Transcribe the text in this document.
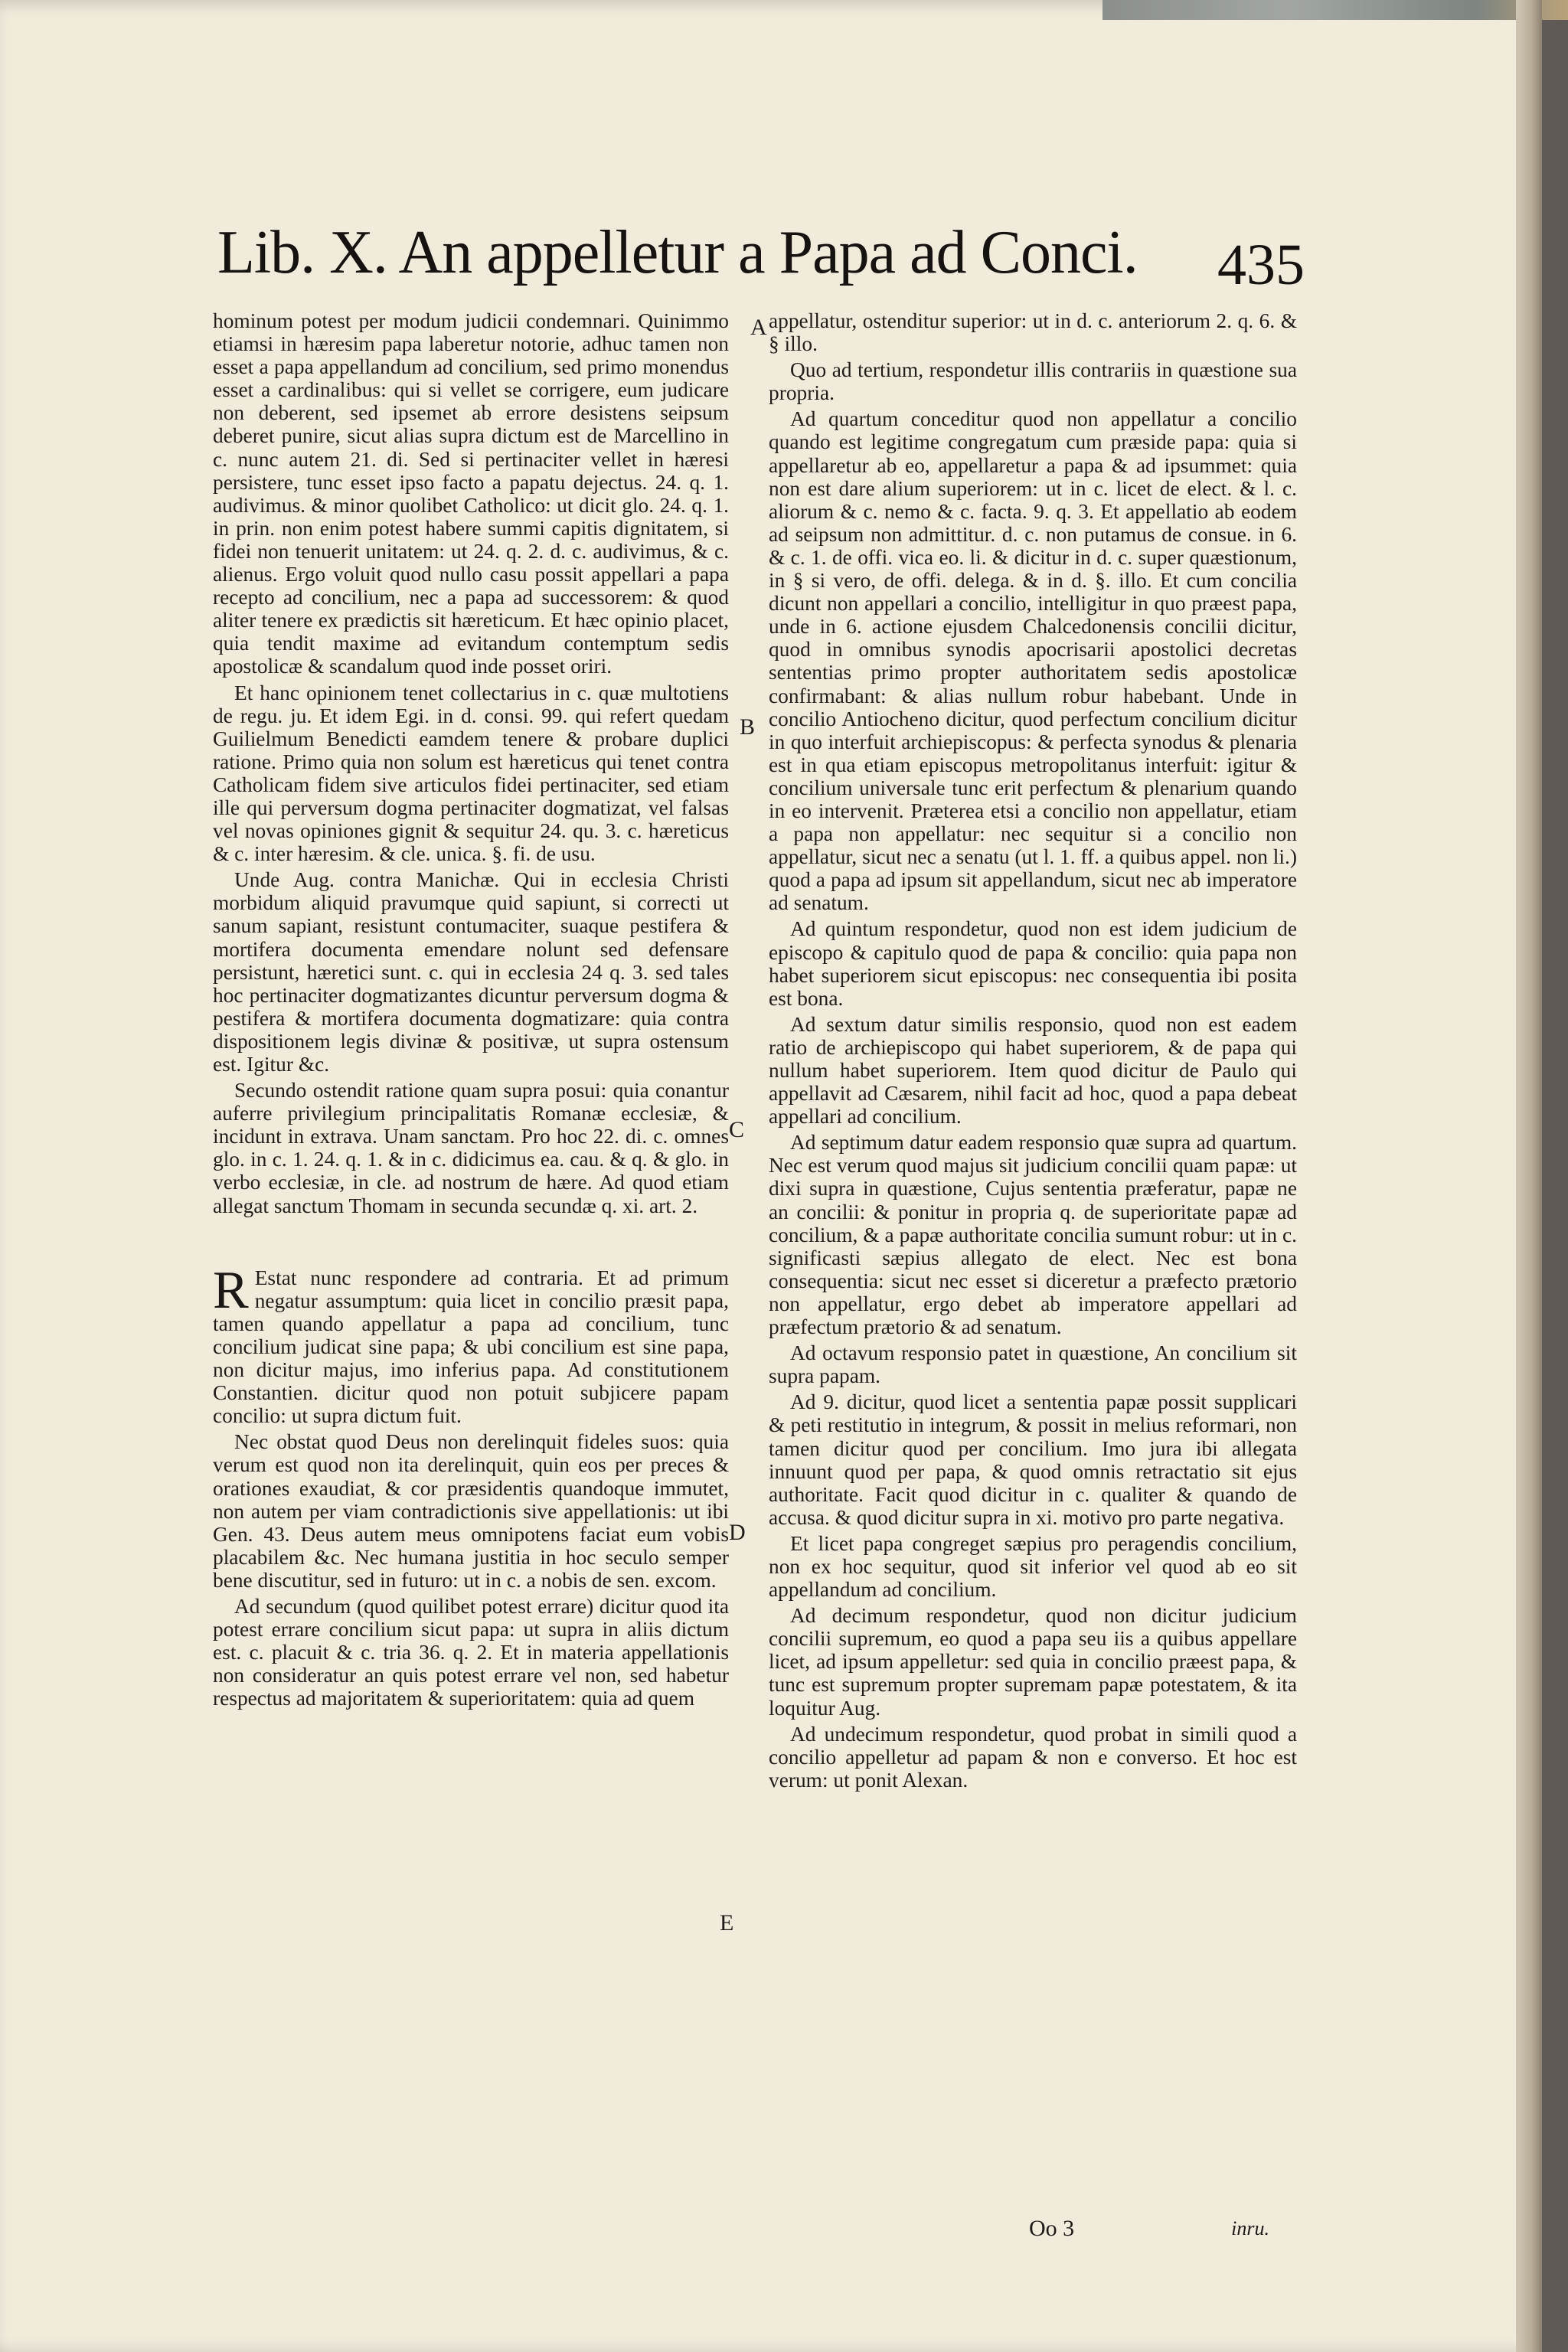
Lib. X. An appelletur a Papa ad Conci. 435

hominum potest per modum judicii condemnari. Quinimmo etiamsi in hæresim papa laberetur notorie, adhuc tamen non esset a papa appellandum ad concilium, sed primo monendus esset a cardinalibus: qui si vellet se corrigere, eum judicare non deberent, sed ipsemet ab errore desistens seipsum deberet punire, sicut alias supra dictum est de Marcellino in c. nunc autem 21. di. Sed si pertinaciter vellet in hæresi persistere, tunc esset ipso facto a papatu dejectus. 24. q. 1. audivimus. & minor quolibet Catholico: ut dicit glo. 24. q. 1. in prin. non enim potest habere summi capitis dignitatem, si fidei non tenuerit unitatem: ut 24. q. 2. d. c. audivimus, & c. alienus. Ergo voluit quod nullo casu possit appellari a papa recepto ad concilium, nec a papa ad successorem: & quod aliter tenere ex prædictis sit hæreticum. Et hæc opinio placet, quia tendit maxime ad evitandum contemptum sedis apostolicæ & scandalum quod inde posset oriri.

Et hanc opinionem tenet collectarius in c. quæ multotiens de regu. ju. Et idem Egi. in d. consi. 99. qui refert quedam Guilielmum Benedicti eamdem tenere & probare duplici ratione. Primo quia non solum est hæreticus qui tenet contra Catholicam fidem sive articulos fidei pertinaciter, sed etiam ille qui perversum dogma pertinaciter dogmatizat, vel falsas vel novas opiniones gignit & sequitur 24. qu. 3. c. hæreticus & c. inter hæresim. & cle. unica. §. fi. de usu.

Unde Aug. contra Manichæ. Qui in ecclesia Christi morbidum aliquid pravumque quid sapiunt, si correcti ut sanum sapiant, resistunt contumaciter, suaque pestifera & mortifera documenta emendare nolunt sed defensare persistunt, hæretici sunt. c. qui in ecclesia 24 q. 3. sed tales hoc pertinaciter dogmatizantes dicuntur perversum dogma & pestifera & mortifera documenta dogmatizare: quia contra dispositionem legis divinæ & positivæ, ut supra ostensum est. Igitur &c.

Secundo ostendit ratione quam supra posui: quia conantur auferre privilegium principalitatis Romanæ ecclesiæ, & incidunt in extrava. Unam sanctam. Pro hoc 22. di. c. omnes glo. in c. 1. 24. q. 1. & in c. didicimus ea. cau. & q. & glo. in verbo ecclesiæ, in cle. ad nostrum de hære. Ad quod etiam allegat sanctum Thomam in secunda secundæ q. xi. art. 2.

R Estat nunc respondere ad contraria. Et ad primum negatur assumptum: quia licet in concilio præsit papa, tamen quando appellatur a papa ad concilium, tunc concilium judicat sine papa; & ubi concilium est sine papa, non dicitur majus, imo inferius papa. Ad constitutionem Constantien. dicitur quod non potuit subjicere papam concilio: ut supra dictum fuit.

Nec obstat quod Deus non derelinquit fideles suos: quia verum est quod non ita derelinquit, quin eos per preces & orationes exaudiat, & cor præsidentis quandoque immutet, non autem per viam contradictionis sive appellationis: ut ibi Gen. 43. Deus autem meus omnipotens faciat eum vobis placabilem &c. Nec humana justitia in hoc seculo semper bene discutitur, sed in futuro: ut in c. a nobis de sen. excom.

Ad secundum (quod quilibet potest errare) dicitur quod ita potest errare concilium sicut papa: ut supra in aliis dictum est. c. placuit & c. tria 36. q. 2. Et in materia appellationis non consideratur an quis potest errare vel non, sed habetur respectus ad majoritatem & superioritatem: quia ad quem

appellatur, ostenditur superior: ut in d. c. anteriorum 2. q. 6. & § illo.

Quo ad tertium, respondetur illis contrariis in quæstione sua propria.

Ad quartum conceditur quod non appellatur a concilio quando est legitime congregatum cum præside papa: quia si appellaretur ab eo, appellaretur a papa & ad ipsummet: quia non est dare alium superiorem: ut in c. licet de elect. & l. c. aliorum & c. nemo & c. facta. 9. q. 3. Et appellatio ab eodem ad seipsum non admittitur. d. c. non putamus de consue. in 6. & c. 1. de offi. vica eo. li. & dicitur in d. c. super quæstionum, in § si vero, de offi. delega. & in d. §. illo. Et cum concilia dicunt non appellari a concilio, intelligitur in quo præest papa, unde in 6. actione ejusdem Chalcedonensis concilii dicitur, quod in omnibus synodis apocrisarii apostolici decretas sententias primo propter authoritatem sedis apostolicæ confirmabant: & alias nullum robur habebant. Unde in concilio Antiocheno dicitur, quod perfectum concilium dicitur in quo interfuit archiepiscopus: & perfecta synodus & plenaria est in qua etiam episcopus metropolitanus interfuit: igitur & concilium universale tunc erit perfectum & plenarium quando in eo intervenit. Præterea etsi a concilio non appellatur, etiam a papa non appellatur: nec sequitur si a concilio non appellatur, sicut nec a senatu (ut l. 1. ff. a quibus appel. non li.) quod a papa ad ipsum sit appellandum, sicut nec ab imperatore ad senatum.

Ad quintum respondetur, quod non est idem judicium de episcopo & capitulo quod de papa & concilio: quia papa non habet superiorem sicut episcopus: nec consequentia ibi posita est bona.

Ad sextum datur similis responsio, quod non est eadem ratio de archiepiscopo qui habet superiorem, & de papa qui nullum habet superiorem. Item quod dicitur de Paulo qui appellavit ad Cæsarem, nihil facit ad hoc, quod a papa debeat appellari ad concilium.

Ad septimum datur eadem responsio quæ supra ad quartum. Nec est verum quod majus sit judicium concilii quam papæ: ut dixi supra in quæstione, Cujus sententia præferatur, papæ ne an concilii: & ponitur in propria q. de superioritate papæ ad concilium, & a papæ authoritate concilia sumunt robur: ut in c. significasti sæpius allegato de elect. Nec est bona consequentia: sicut nec esset si diceretur a præfecto prætorio non appellatur, ergo debet ab imperatore appellari ad præfectum prætorio & ad senatum.

Ad octavum responsio patet in quæstione, An concilium sit supra papam.

Ad 9. dicitur, quod licet a sententia papæ possit supplicari & peti restitutio in integrum, & possit in melius reformari, non tamen dicitur quod per concilium. Imo jura ibi allegata innuunt quod per papa, & quod omnis retractatio sit ejus authoritate. Facit quod dicitur in c. qualiter & quando de accusa. & quod dicitur supra in xi. motivo pro parte negativa.

Et licet papa congreget sæpius pro peragendis concilium, non ex hoc sequitur, quod sit inferior vel quod ab eo sit appellandum ad concilium.

Ad decimum respondetur, quod non dicitur judicium concilii supremum, eo quod a papa seu iis a quibus appellare licet, ad ipsum appelletur: sed quia in concilio præest papa, & tunc est supremum propter supremam papæ potestatem, & ita loquitur Aug.

Ad undecimum respondetur, quod probat in simili quod a concilio appelletur ad papam & non e converso. Et hoc est verum: ut ponit Alexan.

A
B
C
D
E
Oo 3	inru.
